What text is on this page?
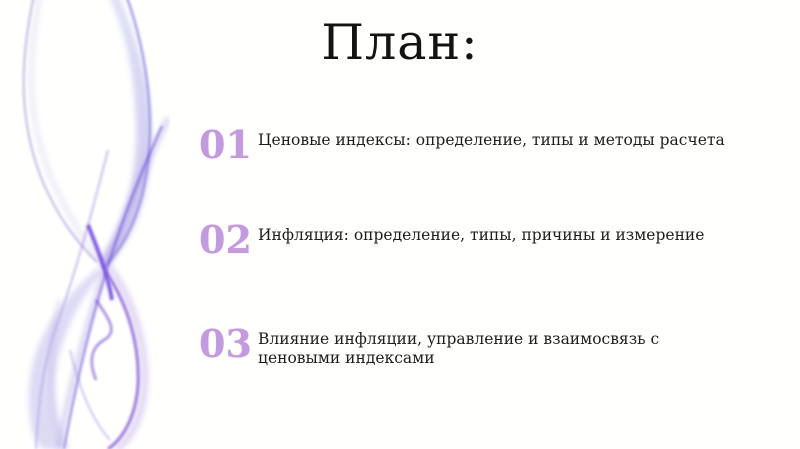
План:
01 Ценовые индексы: определение, типы и методы расчета
02 Инфляция: определение, типы, причины и измерение
03 Влияние инфляции, управление и взаимосвязь с ценовыми индексами
